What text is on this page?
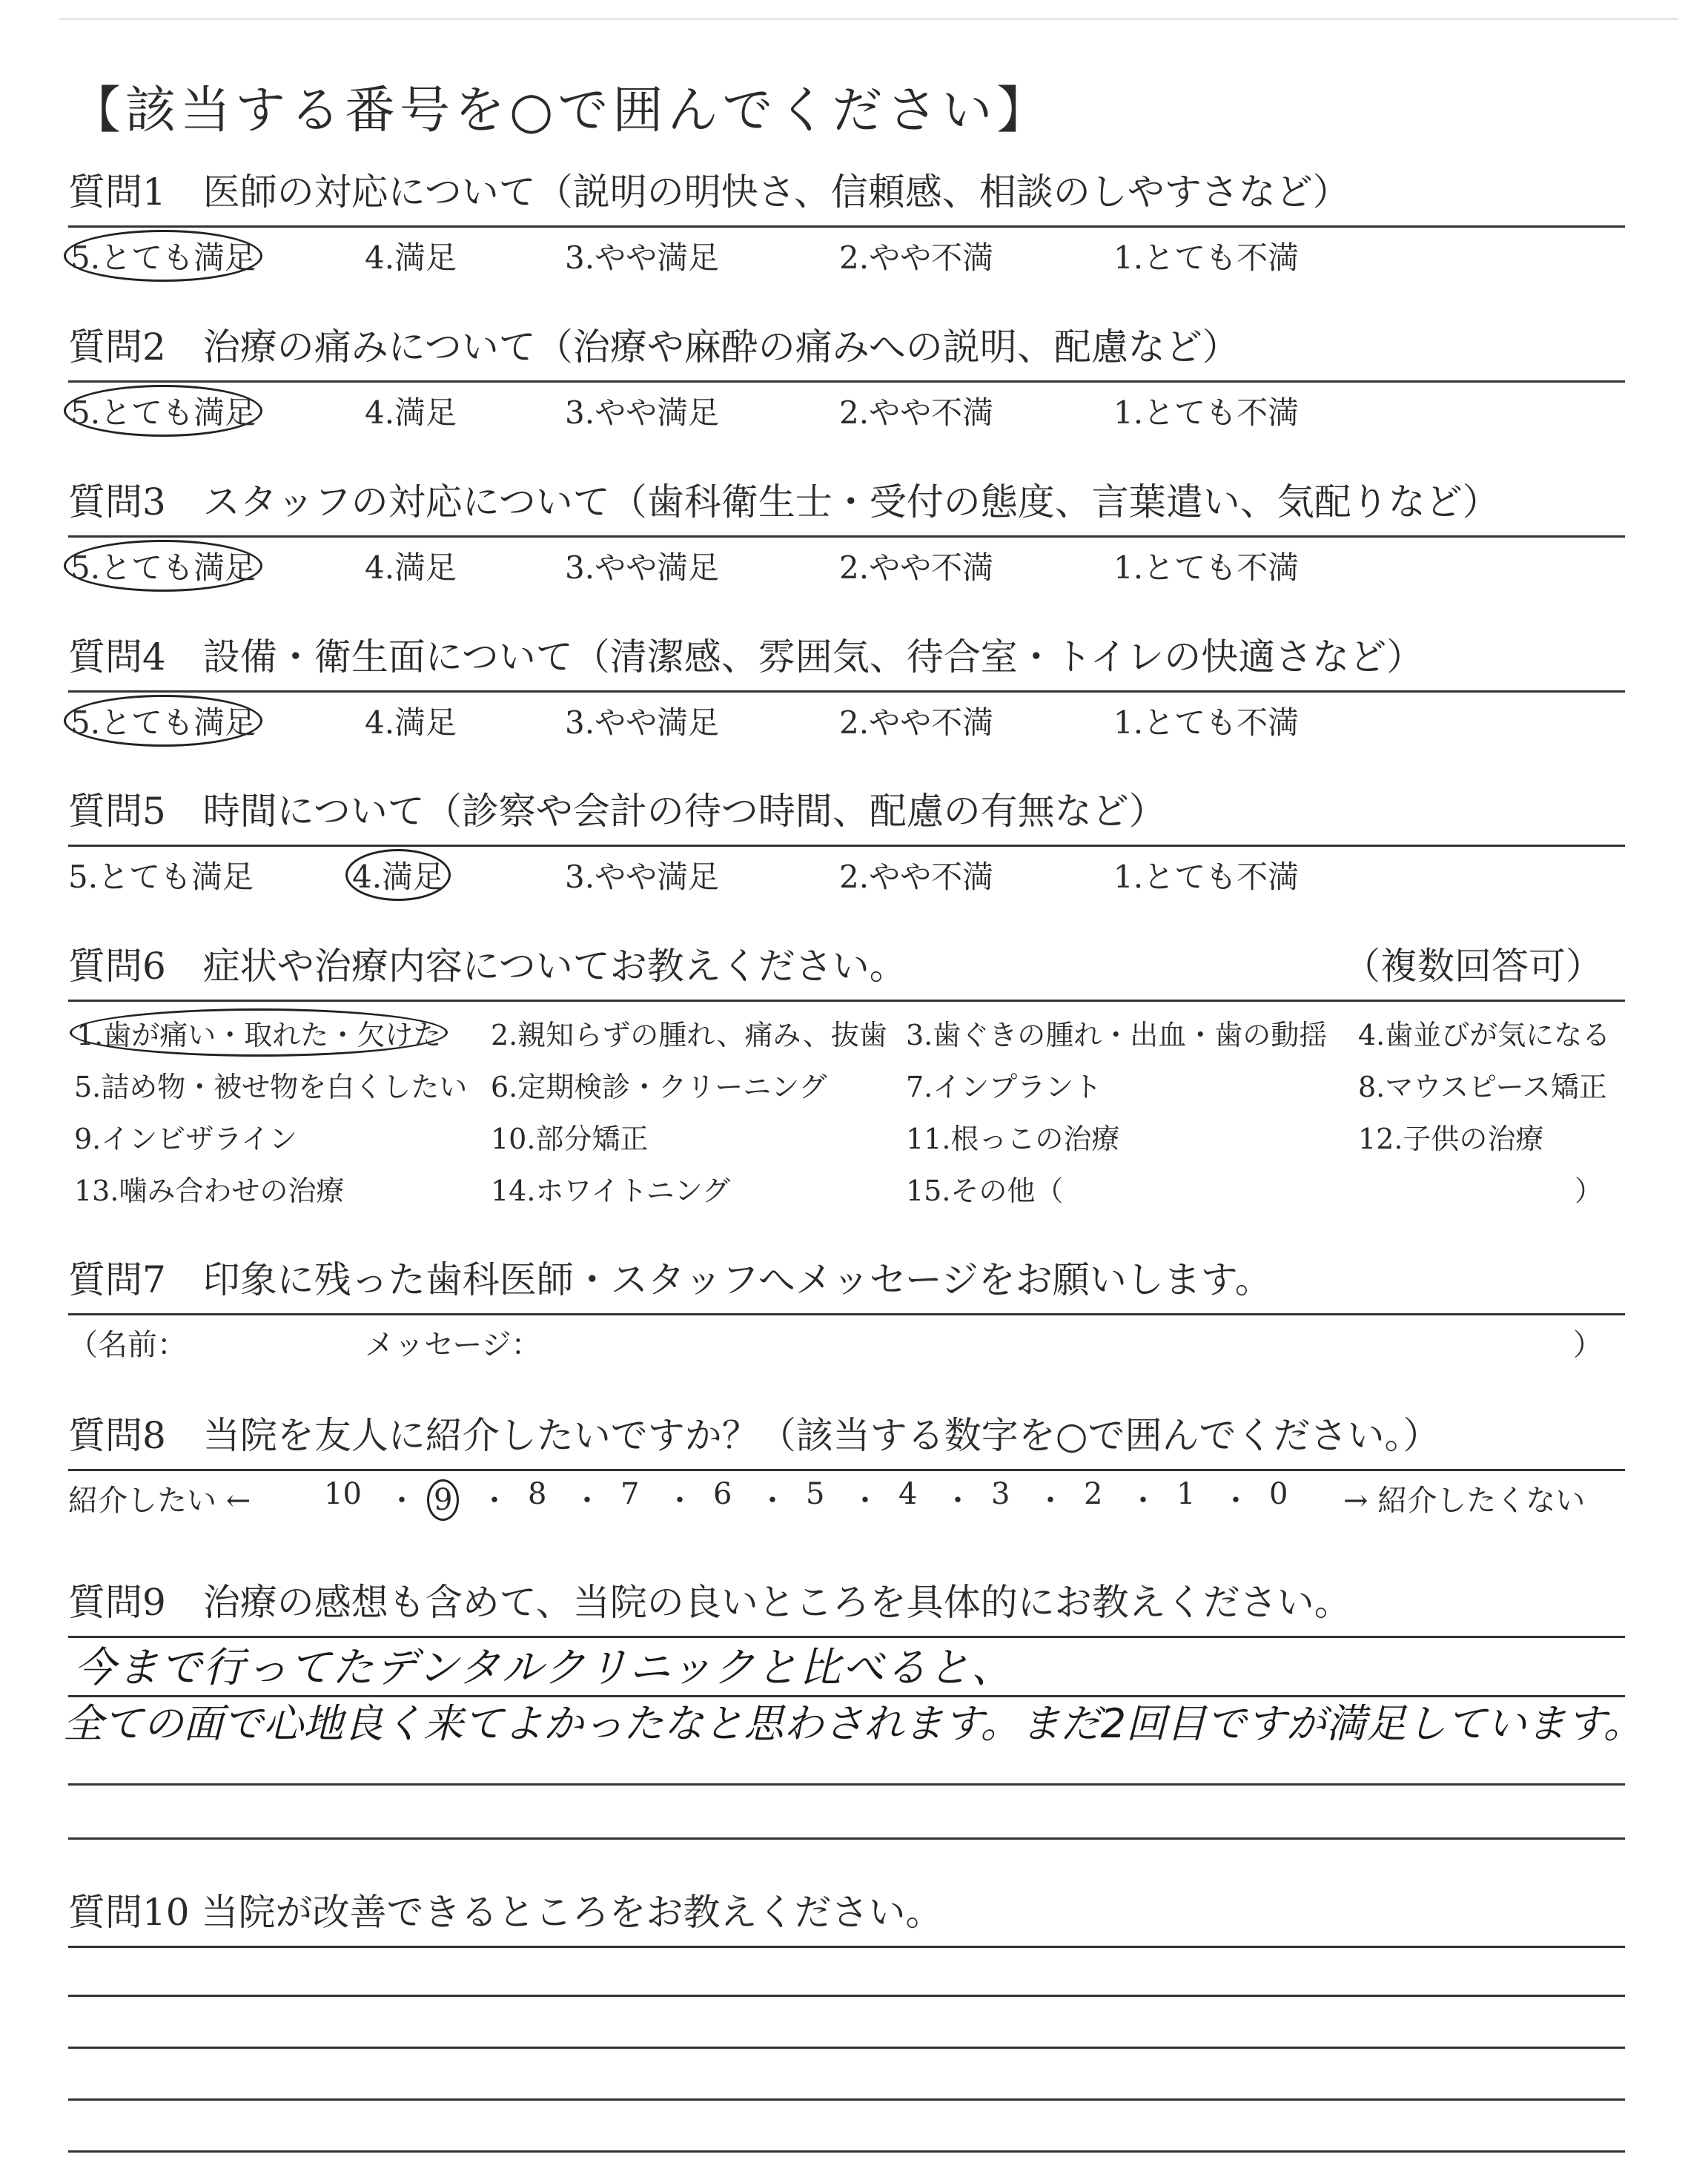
【該当する番号を○で囲んでください】
質問1　医師の対応について（説明の明快さ、信頼感、相談のしやすさなど）
5.とても満足	4.満足	3.やや満足	2.やや不満	1.とても不満
質問2　治療の痛みについて（治療や麻酔の痛みへの説明、配慮など）
5.とても満足	4.満足	3.やや満足	2.やや不満	1.とても不満
質問3　スタッフの対応について（歯科衛生士・受付の態度、言葉遣い、気配りなど）
5.とても満足	4.満足	3.やや満足	2.やや不満	1.とても不満
質問4　設備・衛生面について（清潔感、雰囲気、待合室・トイレの快適さなど）
5.とても満足	4.満足	3.やや満足	2.やや不満	1.とても不満
質問5　時間について（診察や会計の待つ時間、配慮の有無など）
5.とても満足	4.満足	3.やや満足	2.やや不満	1.とても不満
質問6　症状や治療内容についてお教えください。	（複数回答可）
1.歯が痛い・取れた・欠けた 2.親知らずの腫れ、痛み、抜歯 3.歯ぐきの腫れ・出血・歯の動揺 4.歯並びが気になる
5.詰め物・被せ物を白くしたい 6.定期検診・クリーニング	7.インプラント	8.マウスピース矯正
9.インビザライン	10.部分矯正	11.根っこの治療	12.子供の治療
13.噛み合わせの治療	14.ホワイトニング	15.その他（	）
質問7　印象に残った歯科医師・スタッフへメッセージをお願いします。
（名前：	メッセージ：	）
質問8　当院を友人に紹介したいですか？（該当する数字を○で囲んでください。）
紹介したい ← 10 ・ 9 ・ 8 ・ 7 ・ 6 ・ 5 ・ 4 ・ 3 ・ 2 ・ 1 ・ 0 → 紹介したくない
質問9　治療の感想も含めて、当院の良いところを具体的にお教えください。
今まで行ってたデンタルクリニックと比べると、
全ての面で心地良く来てよかったなと思わされます。まだ2回目ですが満足しています。
質問10 当院が改善できるところをお教えください。
